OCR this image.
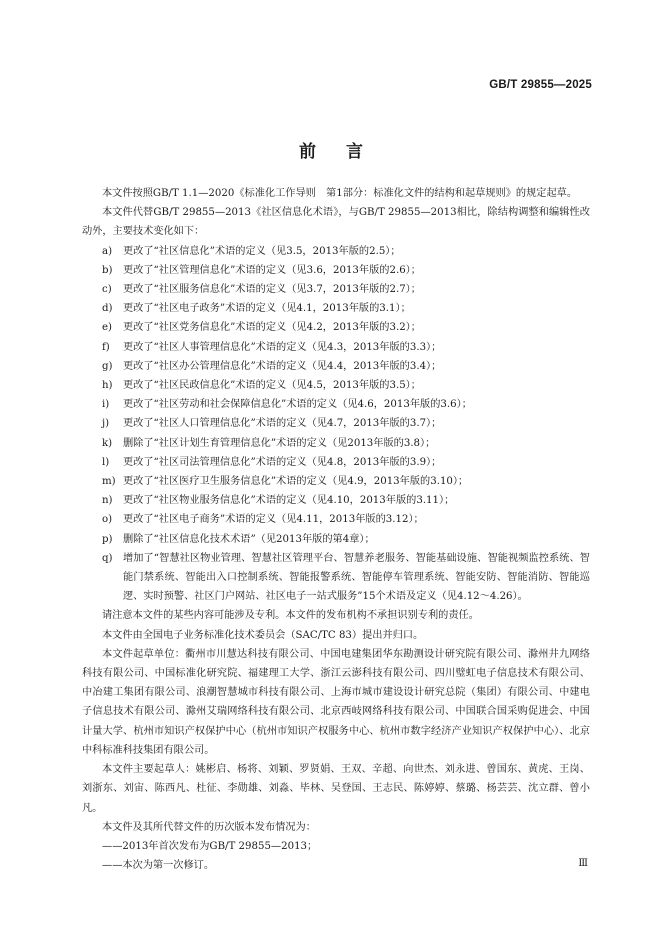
GB/T 29855—2025
前言

本文件按照GB/T 1.1—2020《标准化工作导则　第1部分：标准化文件的结构和起草规则》的规定起草。

本文件代替GB/T 29855—2013《社区信息化术语》，与GB/T 29855—2013相比，除结构调整和编辑性改动外，主要技术变化如下：

a) 更改了“社区信息化”术语的定义（见3.5，2013年版的2.5）；
b) 更改了“社区管理信息化”术语的定义（见3.6，2013年版的2.6）；
c) 更改了“社区服务信息化”术语的定义（见3.7，2013年版的2.7）；
d) 更改了“社区电子政务”术语的定义（见4.1，2013年版的3.1）；
e) 更改了“社区党务信息化”术语的定义（见4.2，2013年版的3.2）；
f) 更改了“社区人事管理信息化”术语的定义（见4.3，2013年版的3.3）；
g) 更改了“社区办公管理信息化”术语的定义（见4.4，2013年版的3.4）；
h) 更改了“社区民政信息化”术语的定义（见4.5，2013年版的3.5）；
i) 更改了“社区劳动和社会保障信息化”术语的定义（见4.6，2013年版的3.6）；
j) 更改了“社区人口管理信息化”术语的定义（见4.7，2013年版的3.7）；
k) 删除了“社区计划生育管理信息化”术语的定义（见2013年版的3.8）；
l) 更改了“社区司法管理信息化”术语的定义（见4.8，2013年版的3.9）；
m) 更改了“社区医疗卫生服务信息化”术语的定义（见4.9，2013年版的3.10）；
n) 更改了“社区物业服务信息化”术语的定义（见4.10，2013年版的3.11）；
o) 更改了“社区电子商务”术语的定义（见4.11，2013年版的3.12）；
p) 删除了“社区信息化技术术语”（见2013年版的第4章）；
q) 增加了“智慧社区物业管理、智慧社区管理平台、智慧养老服务、智能基础设施、智能视频监控系统、智能门禁系统、智能出入口控制系统、智能报警系统、智能停车管理系统、智能安防、智能消防、智能巡逻、实时预警、社区门户网站、社区电子一站式服务”15个术语及定义（见4.12～4.26）。

请注意本文件的某些内容可能涉及专利。本文件的发布机构不承担识别专利的责任。

本文件由全国电子业务标准化技术委员会（SAC/TC 83）提出并归口。

本文件起草单位：衢州市川慧达科技有限公司、中国电建集团华东勘测设计研究院有限公司、滁州井九网络科技有限公司、中国标准化研究院、福建理工大学、浙江云澎科技有限公司、四川璧虹电子信息技术有限公司、中冶建工集团有限公司、浪潮智慧城市科技有限公司、上海市城市建设设计研究总院（集团）有限公司、中建电子信息技术有限公司、滁州艾瑞网络科技有限公司、北京西岐网络科技有限公司、中国联合国采购促进会、中国计量大学、杭州市知识产权保护中心（杭州市知识产权服务中心、杭州市数字经济产业知识产权保护中心）、北京中科标准科技集团有限公司。

本文件主要起草人：姚彬启、杨将、刘颖、罗贤娟、王双、辛超、向世杰、刘永进、曾国东、黄虎、王岗、刘浙东、刘宙、陈西凡、杜征、李勋雄、刘淼、毕林、吴登国、王志民、陈婷婷、蔡璐、杨芸芸、沈立群、曾小凡。

本文件及其所代替文件的历次版本发布情况为：

——2013年首次发布为GB/T 29855—2013；

——本次为第一次修订。	Ⅲ
